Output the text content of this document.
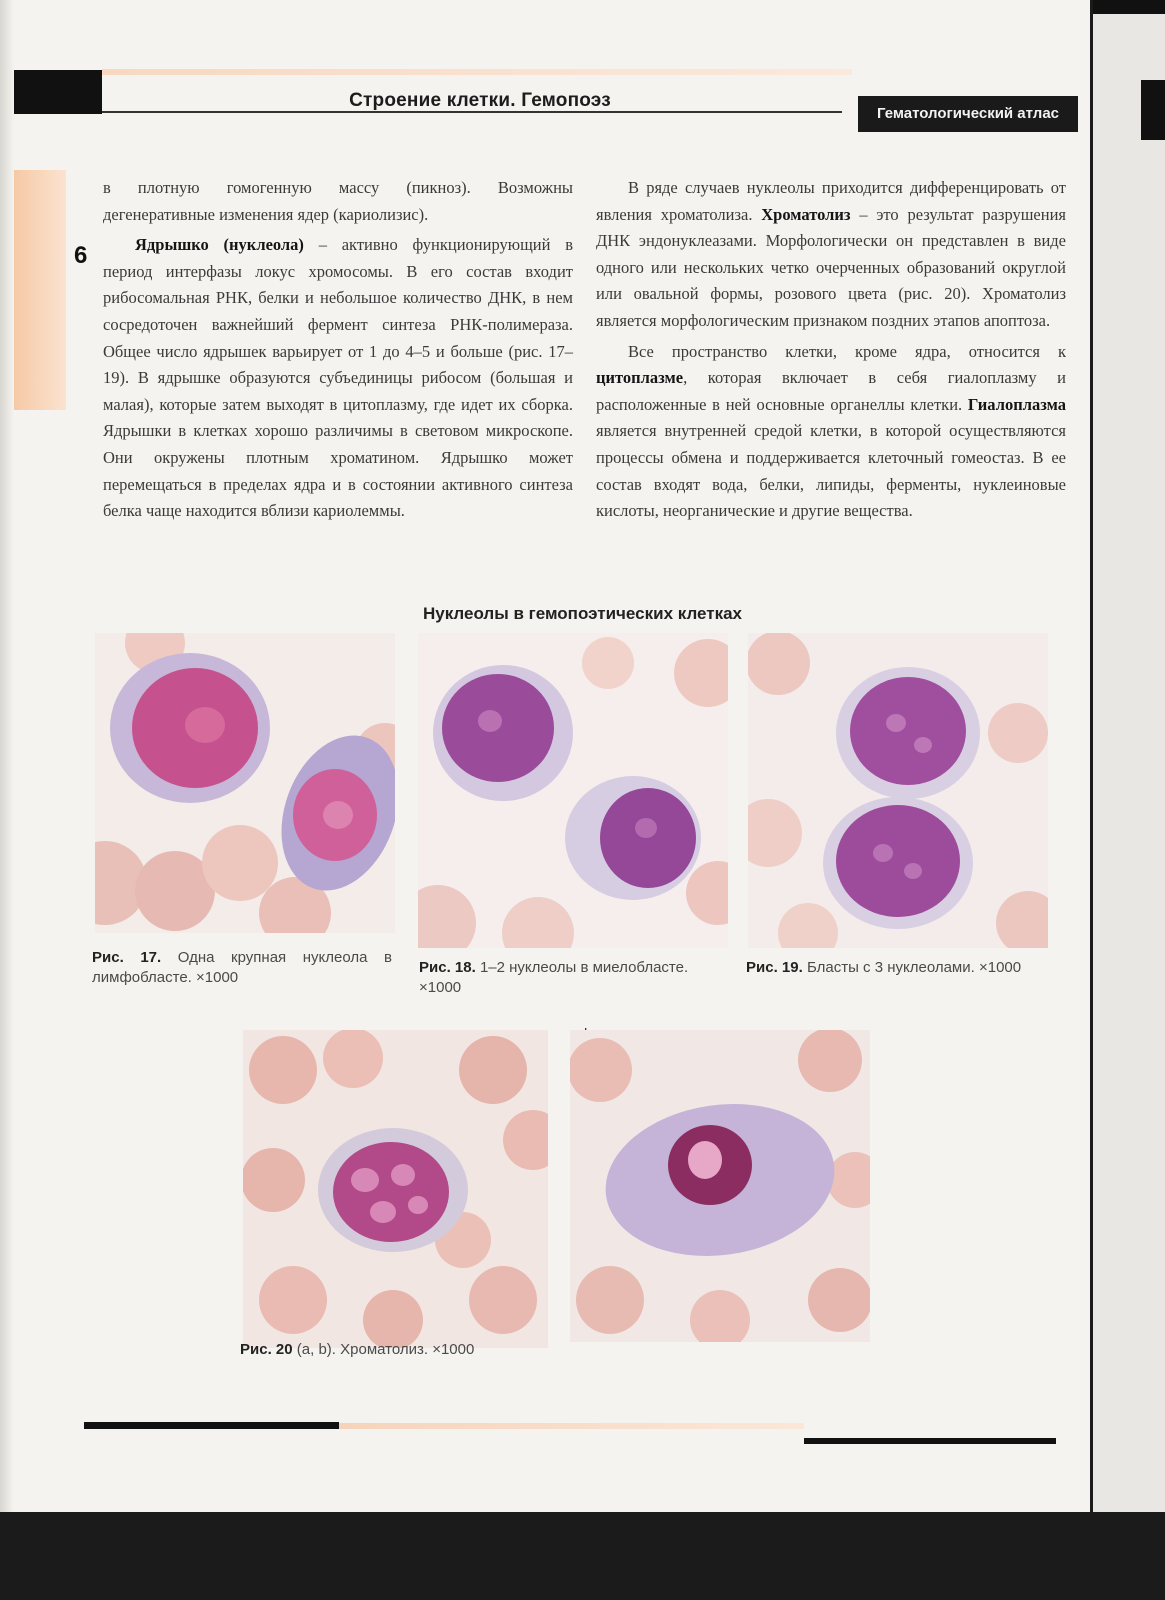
Строение клетки. Гемопоэз
Гематологический атлас
6

в плотную гомогенную массу (пикноз). Возможны дегенеративные изменения ядер (кариолизис).

Ядрышко (нуклеола) – активно функционирующий в период интерфазы локус хромосомы. В его состав входит рибосомальная РНК, белки и небольшое количество ДНК, в нем сосредоточен важнейший фермент синтеза РНК-полимераза. Общее число ядрышек варьирует от 1 до 4–5 и больше (рис. 17–19). В ядрышке образуются субъединицы рибосом (большая и малая), которые затем выходят в цитоплазму, где идет их сборка. Ядрышки в клетках хорошо различимы в световом микроскопе. Они окружены плотным хроматином. Ядрышко может перемещаться в пределах ядра и в состоянии активного синтеза белка чаще находится вблизи кариолеммы.

В ряде случаев нуклеолы приходится дифференцировать от явления хроматолиза. Хроматолиз – это результат разрушения ДНК эндонуклеазами. Морфологически он представлен в виде одного или нескольких четко очерченных образований округлой или овальной формы, розового цвета (рис. 20). Хроматолиз является морфологическим признаком поздних этапов апоптоза.

Все пространство клетки, кроме ядра, относится к цитоплазме, которая включает в себя гиалоплазму и расположенные в ней основные органеллы клетки. Гиалоплазма является внутренней средой клетки, в которой осуществляются процессы обмена и поддерживается клеточный гомеостаз. В ее состав входят вода, белки, липиды, ферменты, нуклеиновые кислоты, неорганические и другие вещества.

Нуклеолы в гемопоэтических клетках
Рис. 17. Одна крупная нуклеола в лимфобласте. ×1000
Рис. 18. 1–2 нуклеолы в миелобласте. ×1000
Рис. 19. Бласты с 3 нуклеолами. ×1000
Рис. 20 (a, b). Хроматолиз. ×1000
